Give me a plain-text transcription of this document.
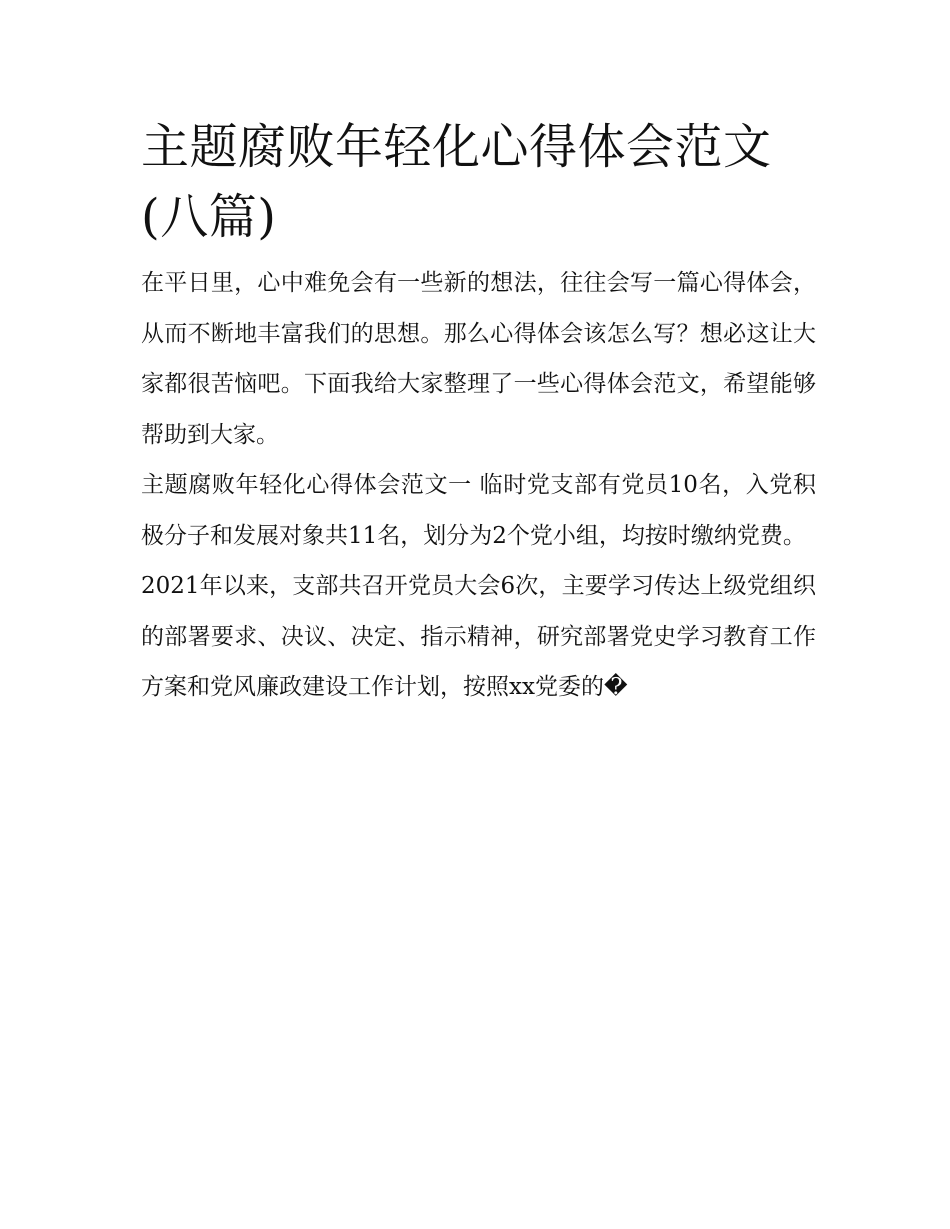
主题腐败年轻化心得体会范文(八篇)

在平日里，心中难免会有一些新的想法，往往会写一篇心得体会，从而不断地丰富我们的思想。那么心得体会该怎么写？想必这让大家都很苦恼吧。下面我给大家整理了一些心得体会范文，希望能够帮助到大家。

主题腐败年轻化心得体会范文一 临时党支部有党员10名，入党积极分子和发展对象共11名，划分为2个党小组，均按时缴纳党费。

2021年以来，支部共召开党员大会6次，主要学习传达上级党组织的部署要求、决议、决定、指示精神，研究部署党史学习教育工作方案和党风廉政建设工作计划，按照xx党委的�
